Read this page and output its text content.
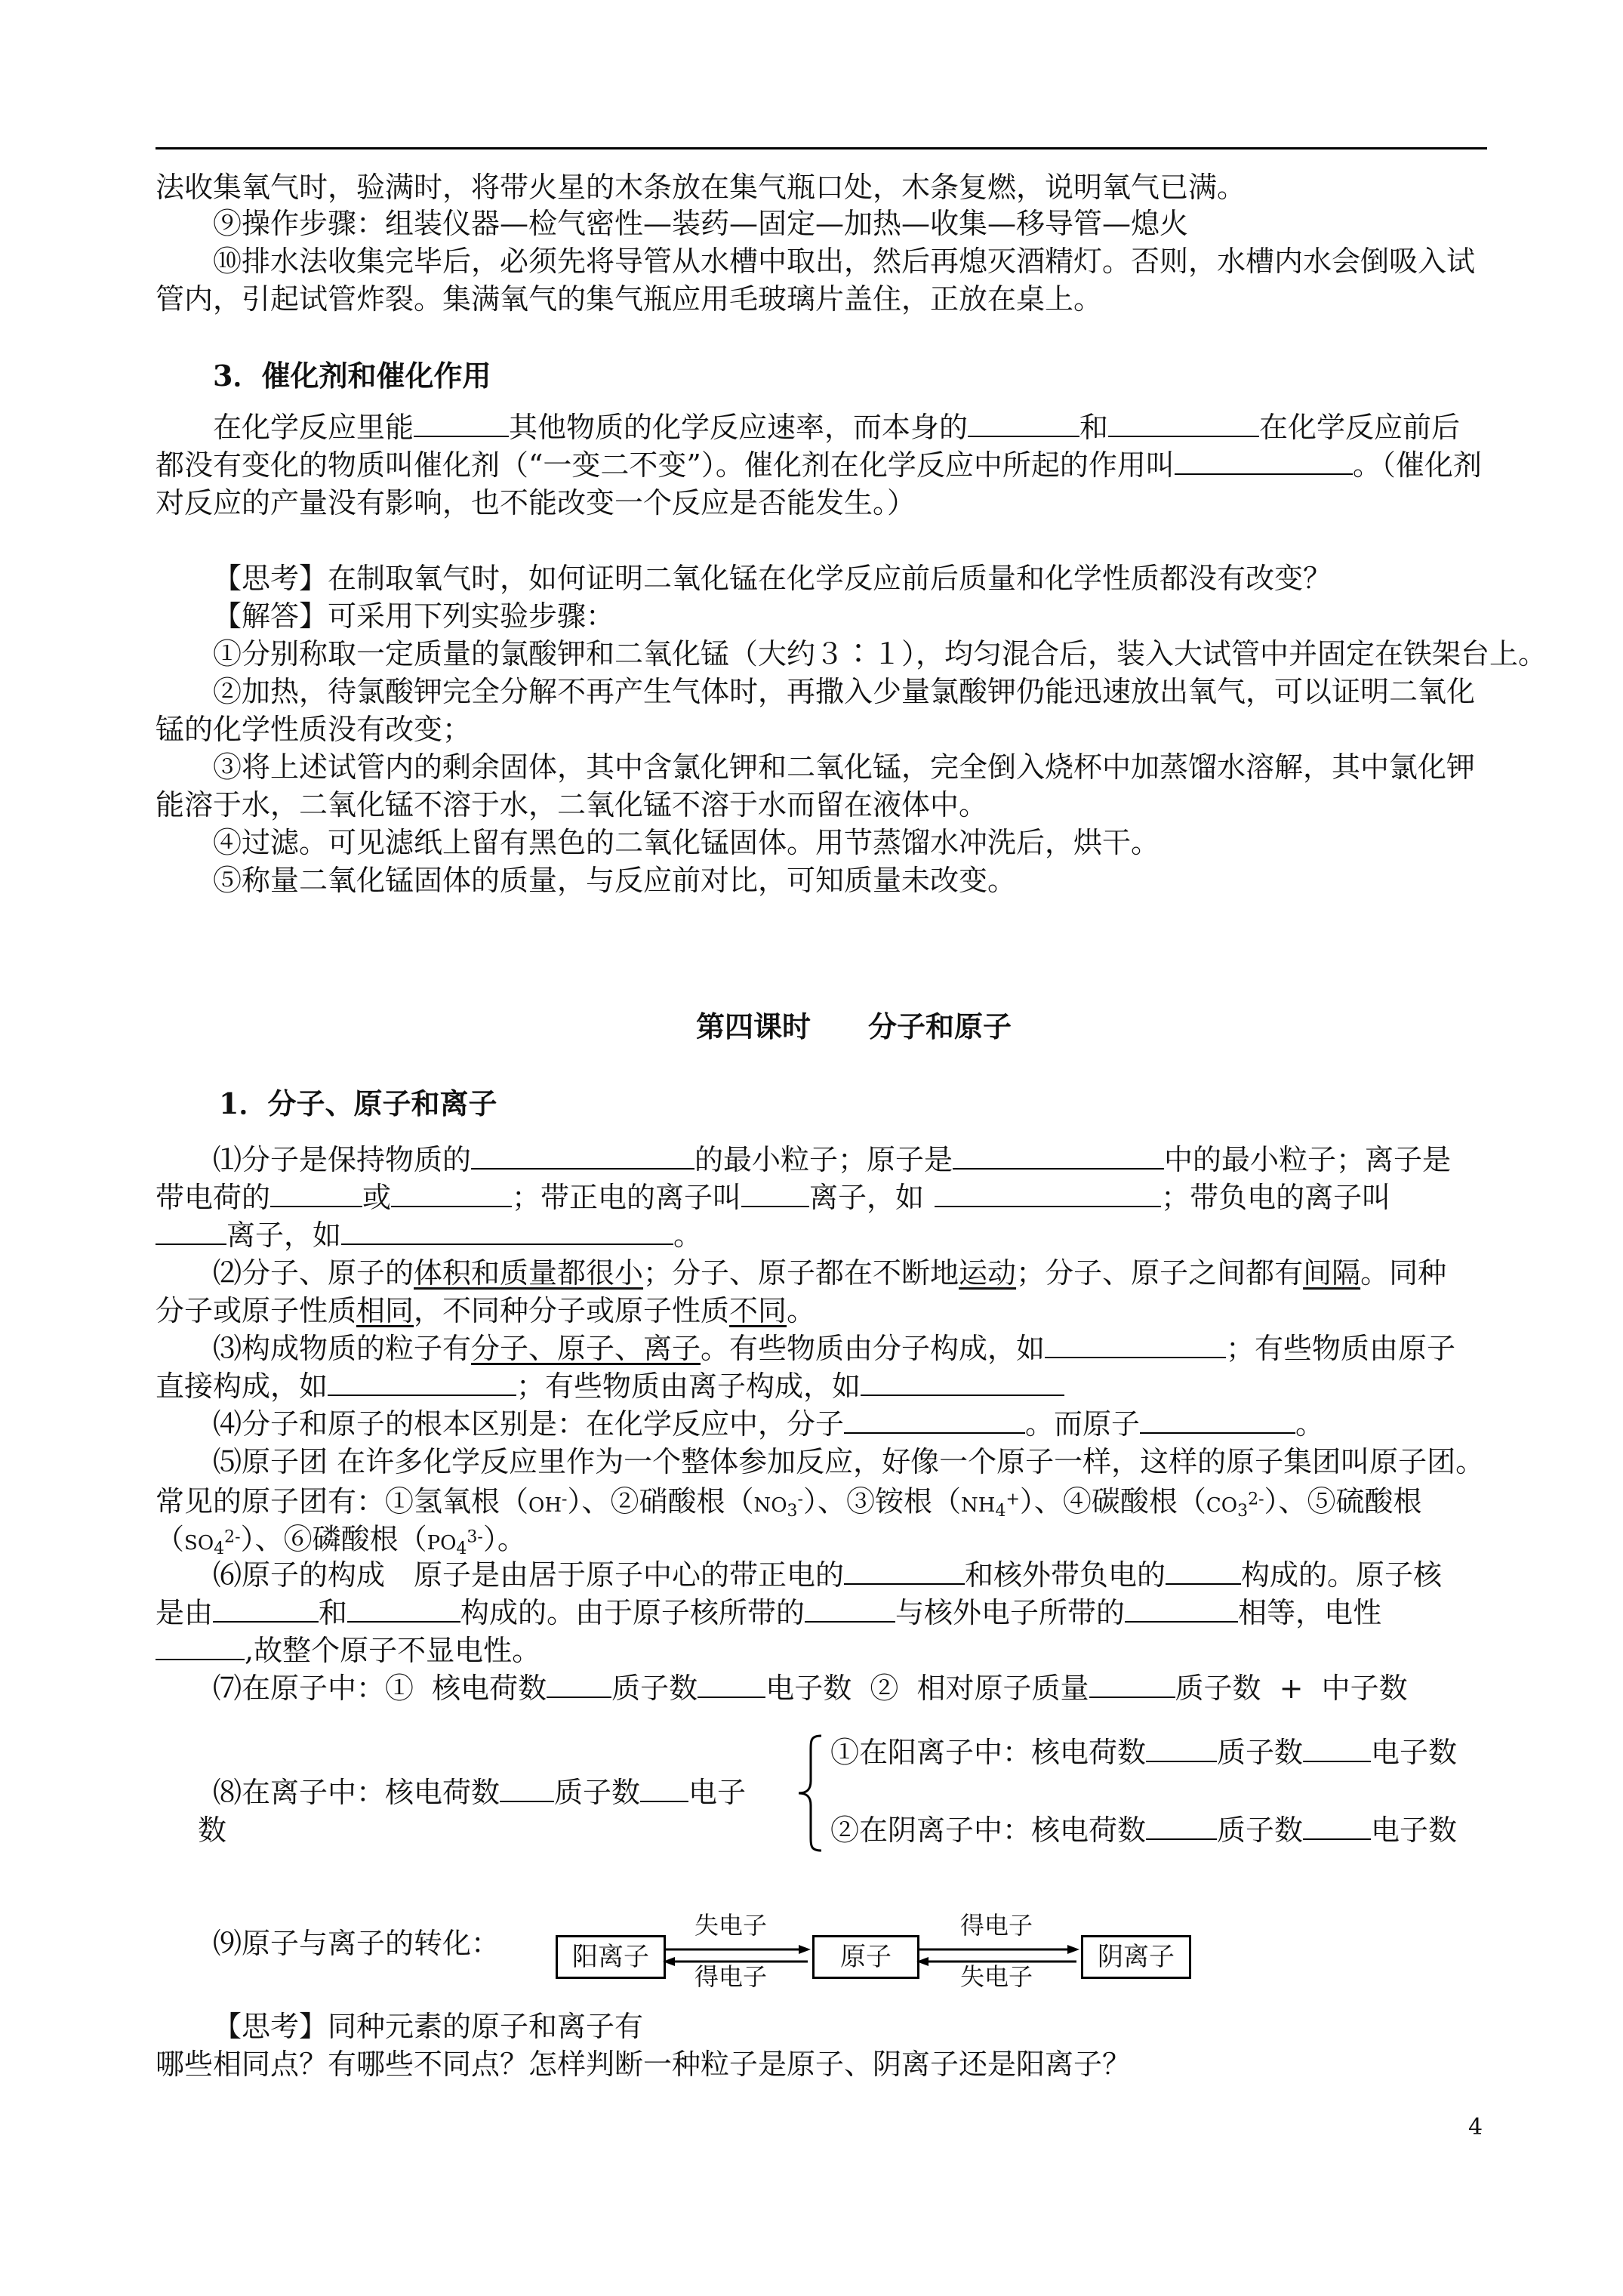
法收集氧气时，验满时，将带火星的木条放在集气瓶口处，木条复燃，说明氧气已满。
⑨操作步骤：组装仪器—检气密性—装药—固定—加热—收集—移导管—熄火
⑩排水法收集完毕后，必须先将导管从水槽中取出，然后再熄灭酒精灯。否则，水槽内水会倒吸入试
管内，引起试管炸裂。集满氧气的集气瓶应用毛玻璃片盖住，正放在桌上。
3．催化剂和催化作用
在化学反应里能	其他物质的化学反应速率，而本身的	和	在化学反应前后
都没有变化的物质叫催化剂（“一变二不变”）。催化剂在化学反应中所起的作用叫	。（催化剂
对反应的产量没有影响，也不能改变一个反应是否能发生。）
【思考】在制取氧气时，如何证明二氧化锰在化学反应前后质量和化学性质都没有改变？
【解答】可采用下列实验步骤：
①分别称取一定质量的氯酸钾和二氧化锰（大约３∶１），均匀混合后，装入大试管中并固定在铁架台上。
②加热，待氯酸钾完全分解不再产生气体时，再撒入少量氯酸钾仍能迅速放出氧气，可以证明二氧化
锰的化学性质没有改变；
③将上述试管内的剩余固体，其中含氯化钾和二氧化锰，完全倒入烧杯中加蒸馏水溶解，其中氯化钾
能溶于水，二氧化锰不溶于水，二氧化锰不溶于水而留在液体中。
④过滤。可见滤纸上留有黑色的二氧化锰固体。用节蒸馏水冲洗后，烘干。
⑤称量二氧化锰固体的质量，与反应前对比，可知质量未改变。
第四课时　　分子和原子
1．分子、原子和离子
⑴分子是保持物质的	的最小粒子；原子是	中的最小粒子；离子是
带电荷的	或	；带正电的离子叫 离子，如	；带负电的离子叫
离子，如	。
⑵分子、原子的体积和质量都很小；分子、原子都在不断地运动；分子、原子之间都有间隔。同种
分子或原子性质相同，不同种分子或原子性质不同。
⑶构成物质的粒子有分子、原子、离子。有些物质由分子构成，如	；有些物质由原子
直接构成，如	；有些物质由离子构成，如
⑷分子和原子的根本区别是：在化学反应中，分子	。而原子	。
⑸原子团 在许多化学反应里作为一个整体参加反应，好像一个原子一样，这样的原子集团叫原子团。
常见的原子团有：①氢氧根（OH-）、②硝酸根$(NO_3^-)$、③铵根$(NH_4^+)$、④碳酸根$(CO_3^{2-})$、⑤硫酸根
$(SO_4^{2-})$、⑥磷酸根$(PO_4^{3-})$。
⑹原子的构成　原子是由居于原子中心的带正电的	和核外带负电的	构成的。原子核
是由	和	构成的。由于原子核所带的	与核外电子所带的	相等，电性
,故整个原子不显电性。
⑺在原子中：①  核电荷数 质子数 电子数  ②  相对原子质量	质子数  +  中子数
⑻在离子中：核电荷数 质子数 电子
数
①在阳离子中：核电荷数 质子数 电子数
②在阴离子中：核电荷数 质子数 电子数
⑼原子与离子的转化：	阳离子	原子	阴离子
失电子
得电子
得电子
失电子
【思考】同种元素的原子和离子有
哪些相同点？有哪些不同点？怎样判断一种粒子是原子、阴离子还是阳离子？
4
